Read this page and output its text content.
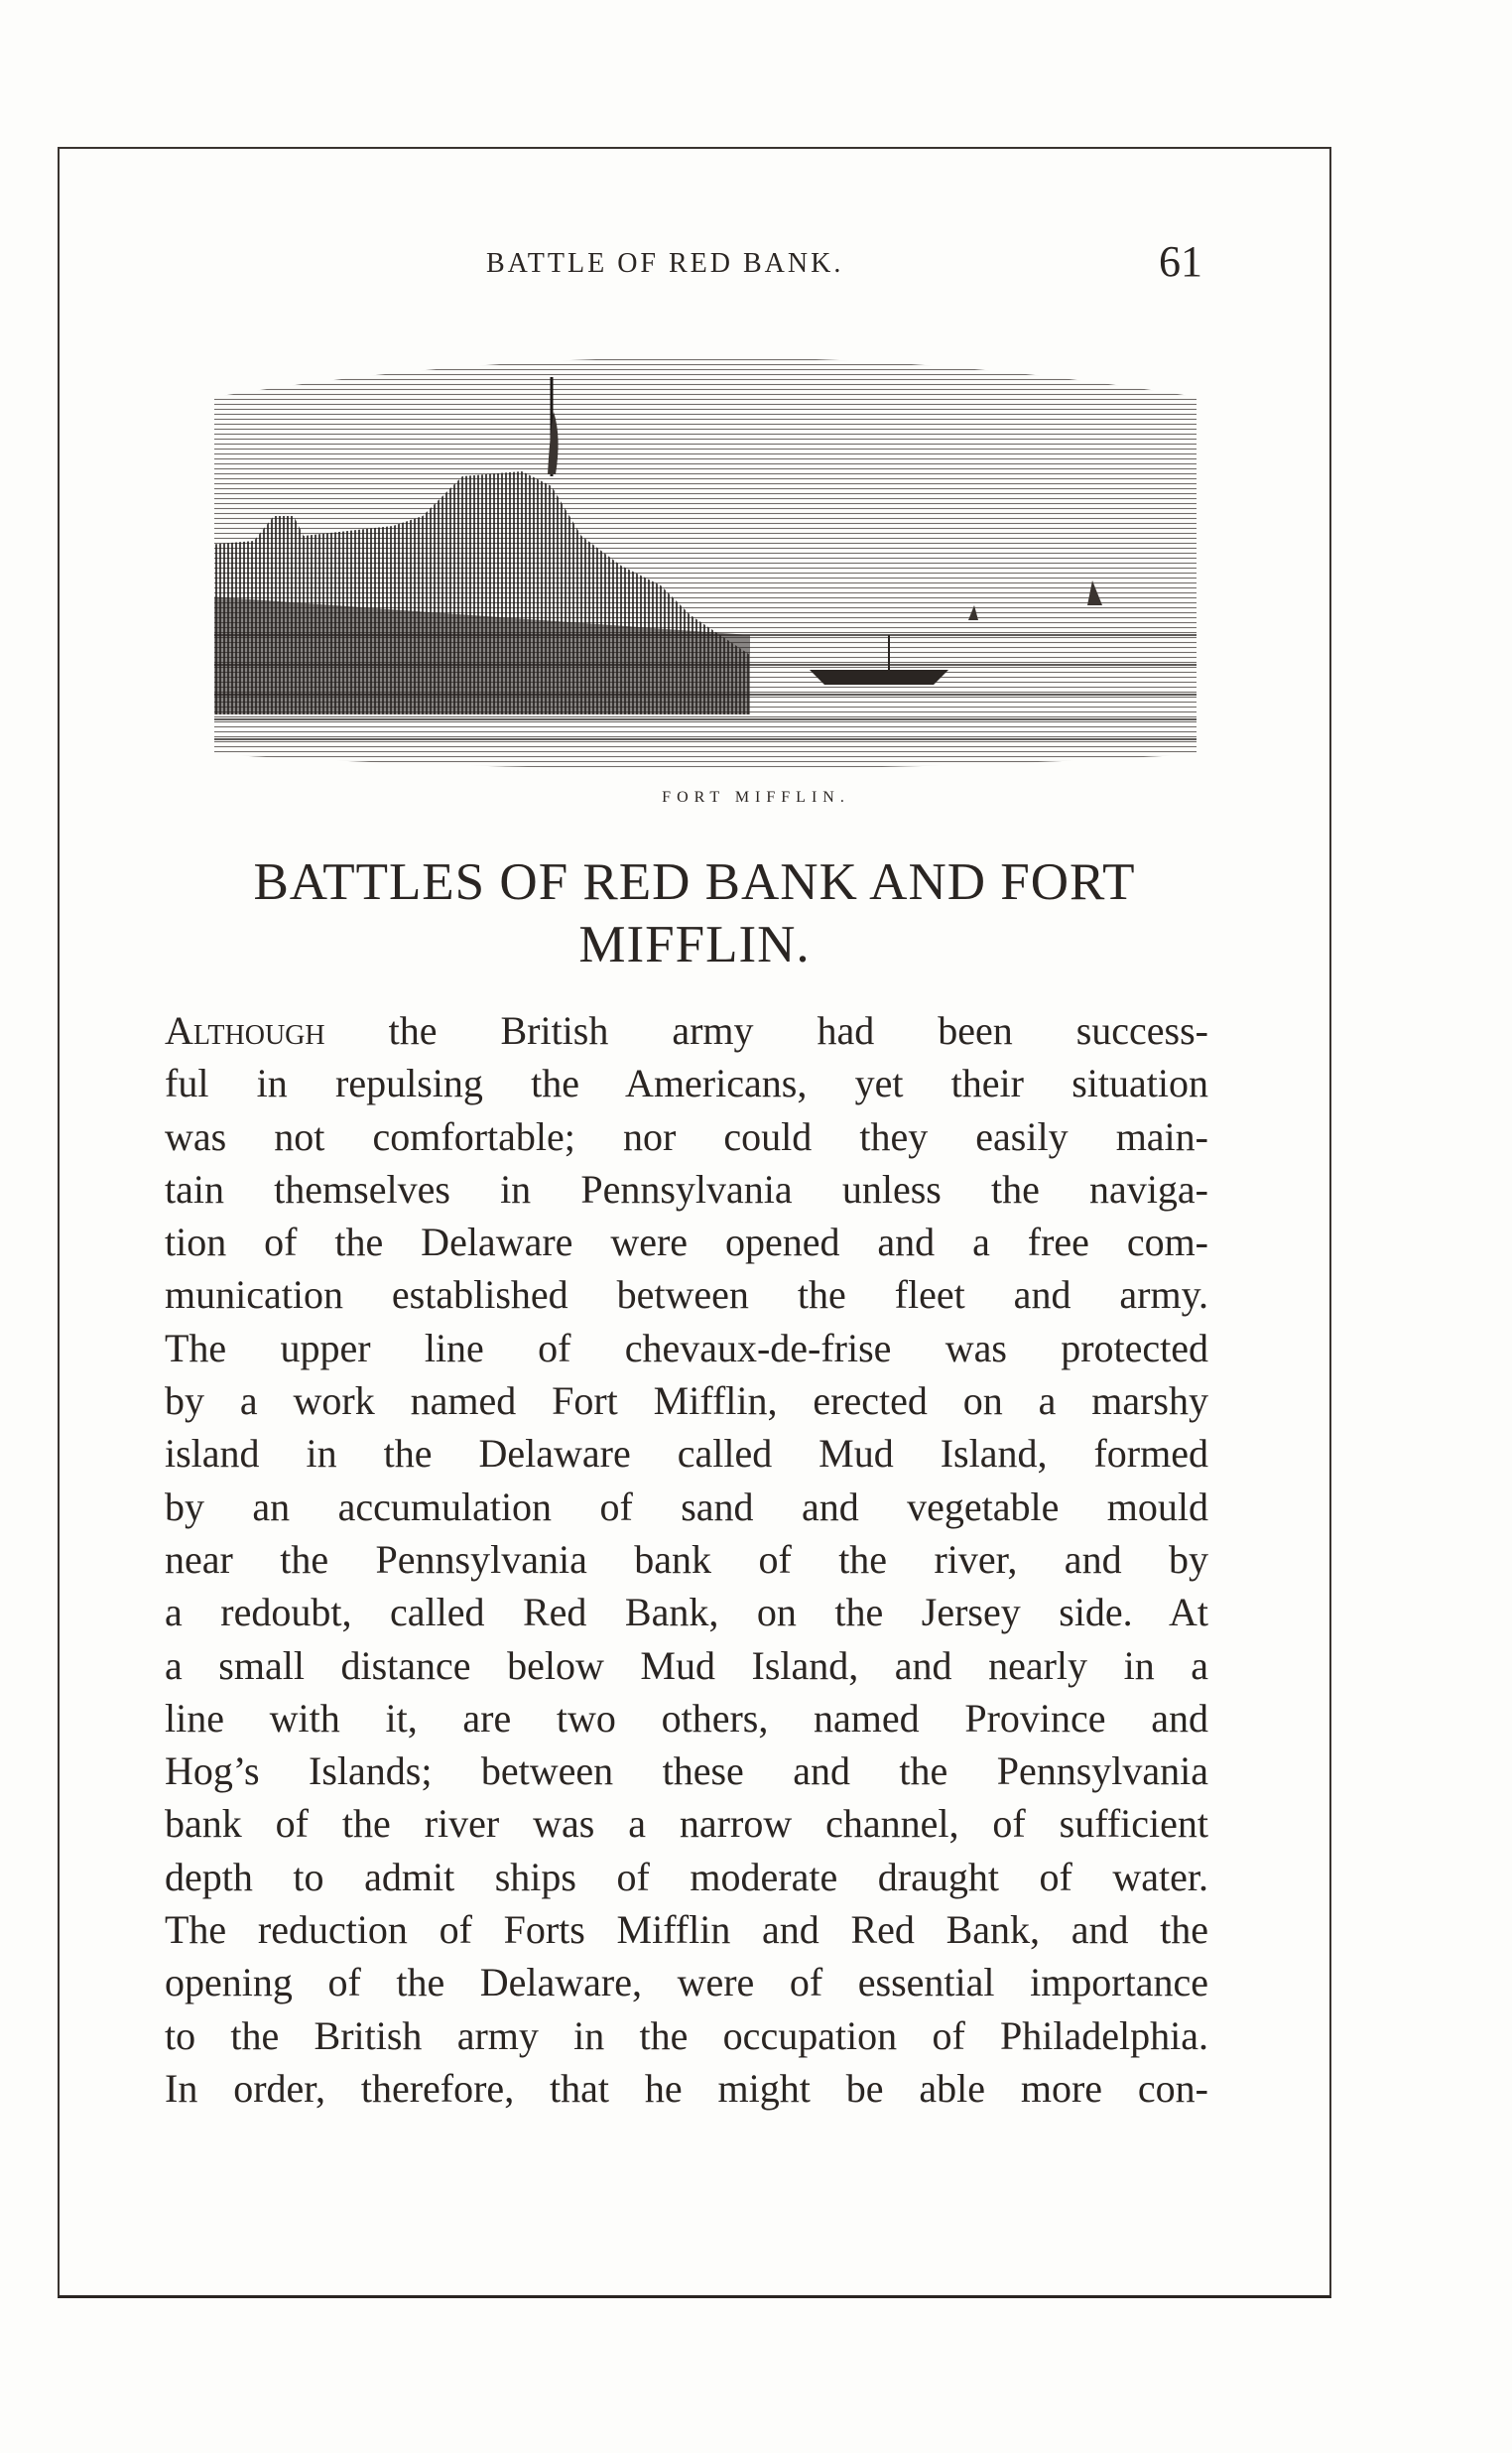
BATTLE OF RED BANK.	61
FORT MIFFLIN.
BATTLES OF RED BANK AND FORT
MIFFLIN.
Although the British army had been success-
ful in repulsing the Americans, yet their situation
was not comfortable; nor could they easily main-
tain themselves in Pennsylvania unless the naviga-
tion of the Delaware were opened and a free com-
munication established between the fleet and army.
The upper line of chevaux-de-frise was protected
by a work named Fort Mifflin, erected on a marshy
island in the Delaware called Mud Island, formed
by an accumulation of sand and vegetable mould
near the Pennsylvania bank of the river, and by
a redoubt, called Red Bank, on the Jersey side. At
a small distance below Mud Island, and nearly in a
line with it, are two others, named Province and
Hog’s Islands; between these and the Pennsylvania
bank of the river was a narrow channel, of sufficient
depth to admit ships of moderate draught of water.
The reduction of Forts Mifflin and Red Bank, and the
opening of the Delaware, were of essential importance
to the British army in the occupation of Philadelphia.
In order, therefore, that he might be able more con-
